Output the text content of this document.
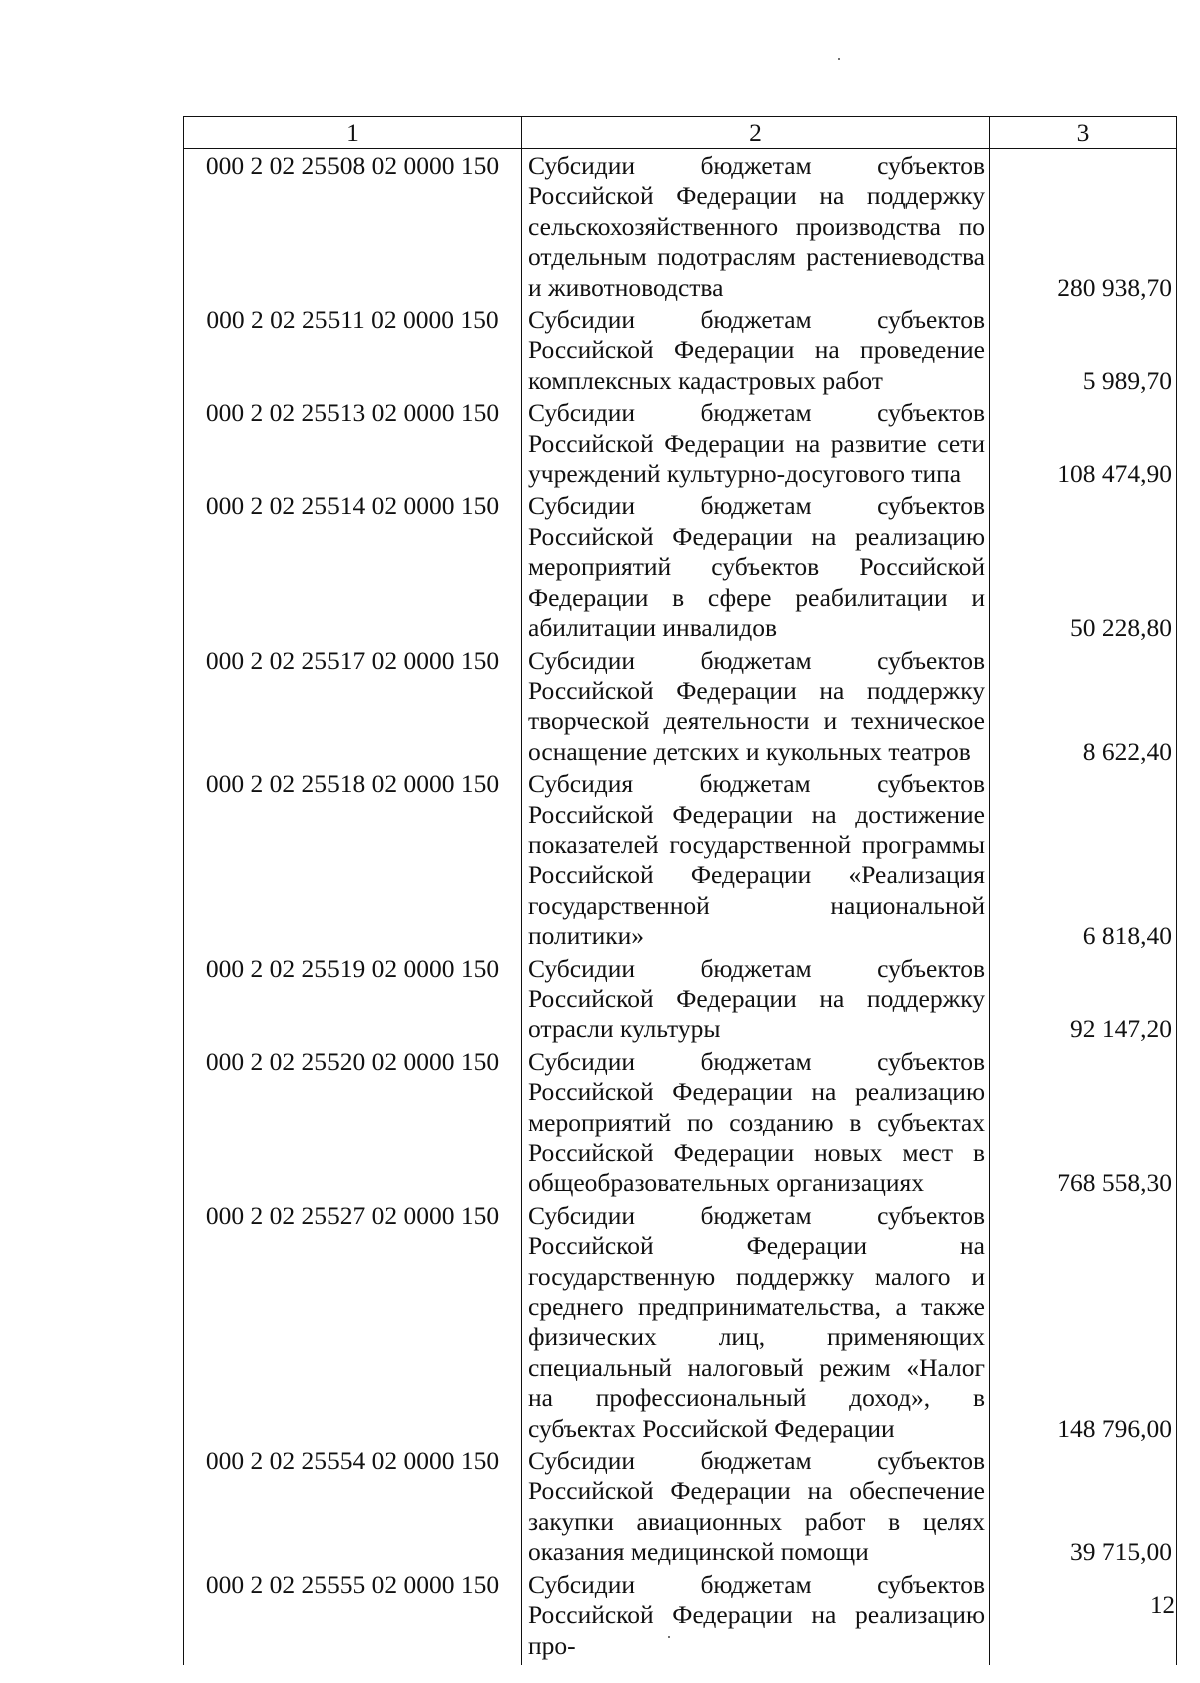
1	2	3
000 2 02 25508 02 0000 150	Субсидии бюджетам субъектов Российской Федерации на поддержку сельскохозяйственного производства по отдельным подотраслям растениеводства и животноводства	280 938,70
000 2 02 25511 02 0000 150	Субсидии бюджетам субъектов Российской Федерации на проведение комплексных кадастровых работ	5 989,70
000 2 02 25513 02 0000 150	Субсидии бюджетам субъектов Российской Федерации на развитие сети учреждений культурно-досугового типа	108 474,90
000 2 02 25514 02 0000 150	Субсидии бюджетам субъектов Российской Федерации на реализацию мероприятий субъектов Российской Федерации в сфере реабилитации и абилитации инвалидов	50 228,80
000 2 02 25517 02 0000 150	Субсидии бюджетам субъектов Российской Федерации на поддержку творческой деятельности и техническое оснащение детских и кукольных театров	8 622,40
000 2 02 25518 02 0000 150	Субсидия бюджетам субъектов Российской Федерации на достижение показателей государственной программы Российской Федерации «Реализация государственной национальной политики»	6 818,40
000 2 02 25519 02 0000 150	Субсидии бюджетам субъектов Российской Федерации на поддержку отрасли культуры	92 147,20
000 2 02 25520 02 0000 150	Субсидии бюджетам субъектов Российской Федерации на реализацию мероприятий по созданию в субъектах Российской Федерации новых мест в общеобразовательных организациях	768 558,30
000 2 02 25527 02 0000 150	Субсидии бюджетам субъектов Российской Федерации на государственную поддержку малого и среднего предпринимательства, а также физических лиц, применяющих специальный налоговый режим «Налог на профессиональный доход», в субъектах Российской Федерации	148 796,00
000 2 02 25554 02 0000 150	Субсидии бюджетам субъектов Российской Федерации на обеспечение закупки авиационных работ в целях оказания медицинской помощи	39 715,00
000 2 02 25555 02 0000 150	Субсидии бюджетам субъектов Российской Федерации на реализацию про-	
12
